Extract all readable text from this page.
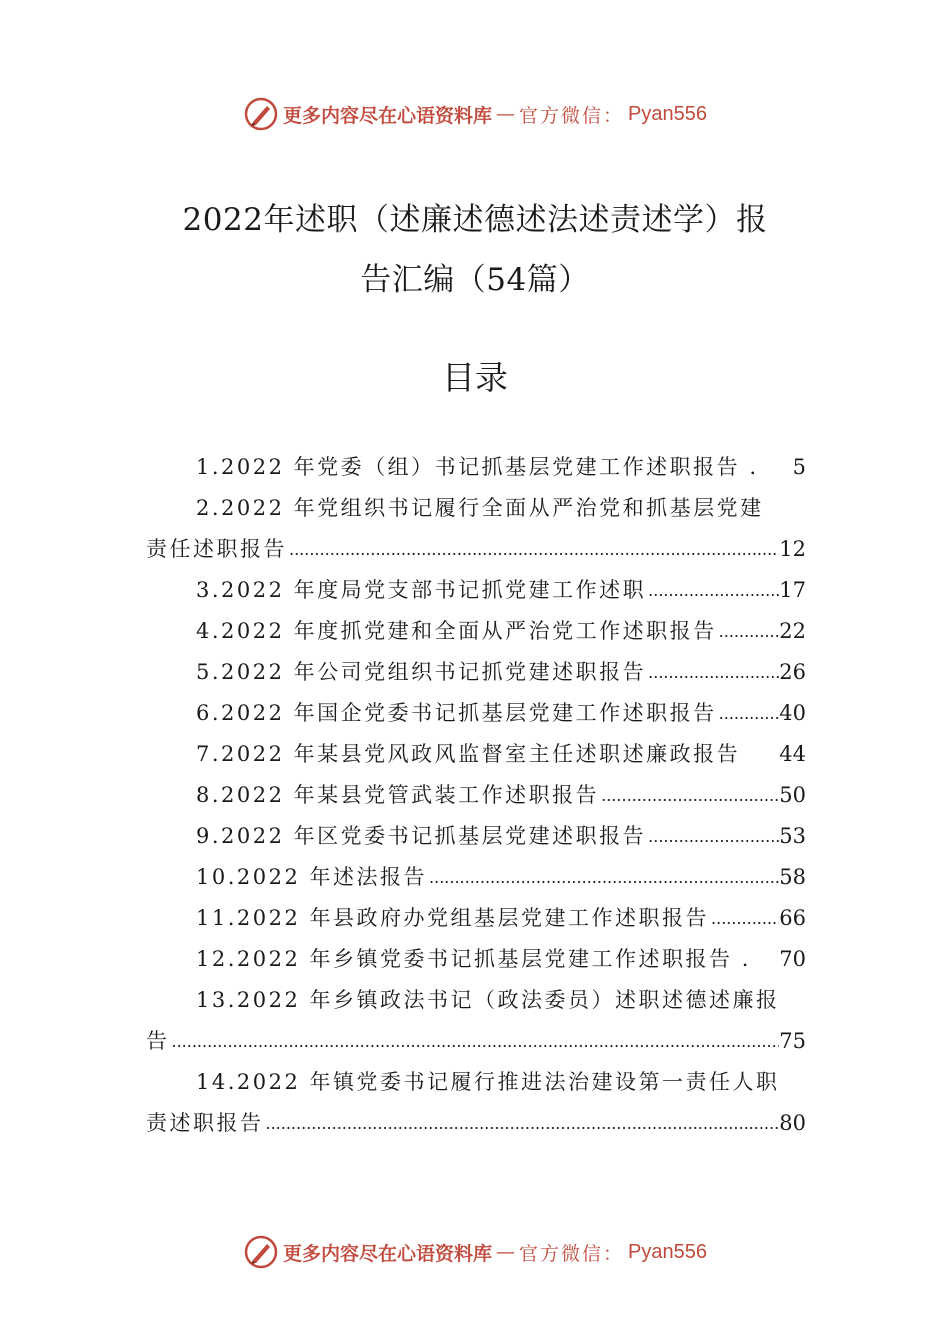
更多内容尽在心语资料库 — 官方微信： Pyan556
2022年述职（述廉述德述法述责述学）报
告汇编（54篇）
目录
1.2022 年党委（组）书记抓基层党建工作述职报告 .	5
2.2022 年党组织书记履行全面从严治党和抓基层党建
责任述职报告 .....	12
3.2022 年度局党支部书记抓党建工作述职 .....	17
4.2022 年度抓党建和全面从严治党工作述职报告 .....	22
5.2022 年公司党组织书记抓党建述职报告 .....	26
6.2022 年国企党委书记抓基层党建工作述职报告 .....	40
7.2022 年某县党风政风监督室主任述职述廉政报告	44
8.2022 年某县党管武装工作述职报告 .....	50
9.2022 年区党委书记抓基层党建述职报告 .....	53
10.2022 年述法报告 .....	58
11.2022 年县政府办党组基层党建工作述职报告 .....	66
12.2022 年乡镇党委书记抓基层党建工作述职报告 .	70
13.2022 年乡镇政法书记（政法委员）述职述德述廉报
告 .....	75
14.2022 年镇党委书记履行推进法治建设第一责任人职
责述职报告 .....	80
更多内容尽在心语资料库 — 官方微信： Pyan556
